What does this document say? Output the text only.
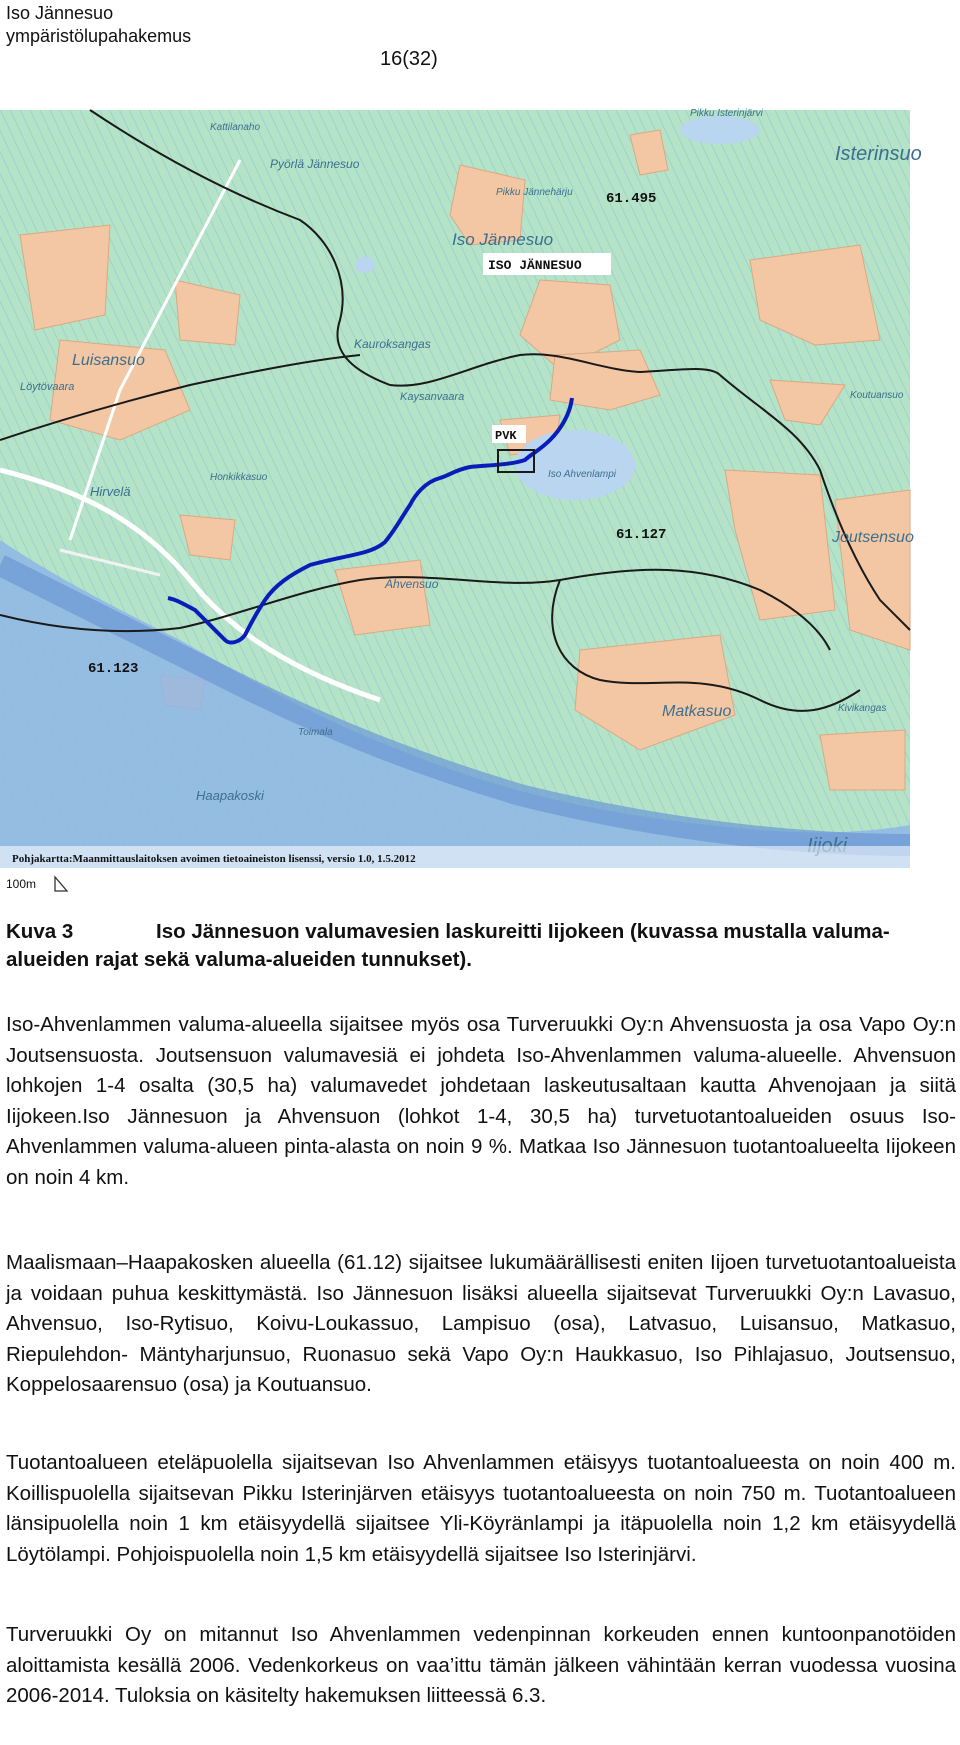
Iso Jännesuo
ympäristölupahakemus
16(32)
61.495
61.127
61.123
ISO JÄNNESUO
PVK
Pikku Isterinjärvi
Isterinsuo
Kattilanaho
Pyörlä Jännesuo
Iso Jännesuo
Pikku Jännehärju
Luisansuo
Löytövaara
Kauroksangas
Kaysanvaara
Iso Ahvenlampi
Honkikkasuo
Hirvelä
Ahvensuo
Joutsensuo
Matkasuo
Haapakoski
Kivikangas
Toimala
Koutuansuo
Pohjakartta:Maanmittauslaitoksen avoimen tietoaineiston lisenssi, versio 1.0, 1.5.2012
100m
Kuva 3	Iso Jännesuon valumavesien laskureitti Iijokeen (kuvassa mustalla valuma-alueiden rajat sekä valuma-alueiden tunnukset).

Iso-Ahvenlammen valuma-alueella sijaitsee myös osa Turveruukki Oy:n Ahvensuosta ja osa Vapo Oy:n Joutsensuosta. Joutsensuon valumavesiä ei johdeta Iso-Ahvenlammen valuma-alueelle. Ahvensuon lohkojen 1-4 osalta (30,5 ha) valumavedet johdetaan laskeutusaltaan kautta Ahvenojaan ja siitä Iijokeen.Iso Jännesuon ja Ahvensuon (lohkot 1-4, 30,5 ha) turvetuotantoalueiden osuus Iso-Ahvenlammen valuma-alueen pinta-alasta on noin 9 %. Matkaa Iso Jännesuon tuotantoalueelta Iijokeen on noin 4 km.

Maalismaan–Haapakosken alueella (61.12) sijaitsee lukumäärällisesti eniten Iijoen turvetuotantoalueista ja voidaan puhua keskittymästä. Iso Jännesuon lisäksi alueella sijaitsevat Turveruukki Oy:n Lavasuo, Ahvensuo, Iso-Rytisuo, Koivu-Loukassuo, Lampisuo (osa), Latvasuo, Luisansuo, Matkasuo, Riepulehdon- Mäntyharjunsuo, Ruonasuo sekä Vapo Oy:n Haukkasuo, Iso Pihlajasuo, Joutsensuo, Koppelosaarensuo (osa) ja Koutuansuo.

Tuotantoalueen eteläpuolella sijaitsevan Iso Ahvenlammen etäisyys tuotantoalueesta on noin 400 m. Koillispuolella sijaitsevan Pikku Isterinjärven etäisyys tuotantoalueesta on noin 750 m. Tuotantoalueen länsipuolella noin 1 km etäisyydellä sijaitsee Yli-Köyränlampi ja itäpuolella noin 1,2 km etäisyydellä Löytölampi. Pohjoispuolella noin 1,5 km etäisyydellä sijaitsee Iso Isterinjärvi.

Turveruukki Oy on mitannut Iso Ahvenlammen vedenpinnan korkeuden ennen kuntoonpanotöiden aloittamista kesällä 2006. Vedenkorkeus on vaa’ittu tämän jälkeen vähintään kerran vuodessa vuosina 2006-2014. Tuloksia on käsitelty hakemuksen liitteessä 6.3.
